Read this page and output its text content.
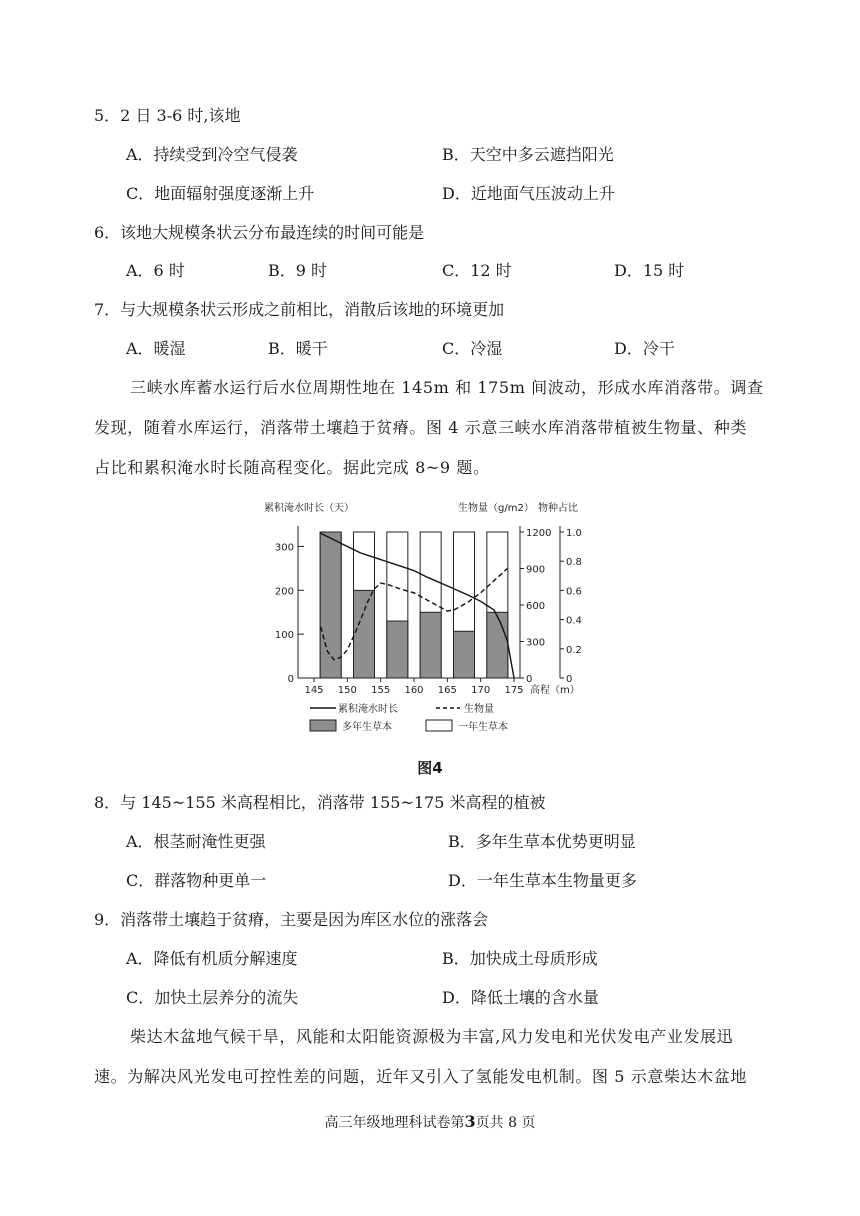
5．2 日 3-6 时,该地
A．持续受到冷空气侵袭	B．天空中多云遮挡阳光
C．地面辐射强度逐渐上升	D．近地面气压波动上升
6．该地大规模条状云分布最连续的时间可能是
A．6 时	B．9 时	C．12 时	D．15 时
7．与大规模条状云形成之前相比，消散后该地的环境更加
A．暖湿	B．暖干	C．冷湿	D．冷干
三峡水库蓄水运行后水位周期性地在 145m 和 175m 间波动，形成水库消落带。调查
发现，随着水库运行，消落带土壤趋于贫瘠。图 4 示意三峡水库消落带植被生物量、种类
占比和累积淹水时长随高程变化。据此完成 8~9 题。
0
100
200
300
累积淹水时长（天）
145 150 155 160 165 170 175 高程（m）
0
300
600
900
1200
生物量（g/m2）
0
0.2
0.4
0.6
0.8
1.0
物种占比
累积淹水时长	生物量
多年生草本	一年生草本
图4
8．与 145~155 米高程相比，消落带 155~175 米高程的植被
A．根茎耐淹性更强	B．多年生草本优势更明显
C．群落物种更单一	D．一年生草本生物量更多
9．消落带土壤趋于贫瘠，主要是因为库区水位的涨落会
A．降低有机质分解速度	B．加快成土母质形成
C．加快土层养分的流失	D．降低土壤的含水量
柴达木盆地气候干旱，风能和太阳能资源极为丰富,风力发电和光伏发电产业发展迅
速。为解决风光发电可控性差的问题，近年又引入了氢能发电机制。图 5 示意柴达木盆地
高三年级地理科试卷第3页共 8 页
